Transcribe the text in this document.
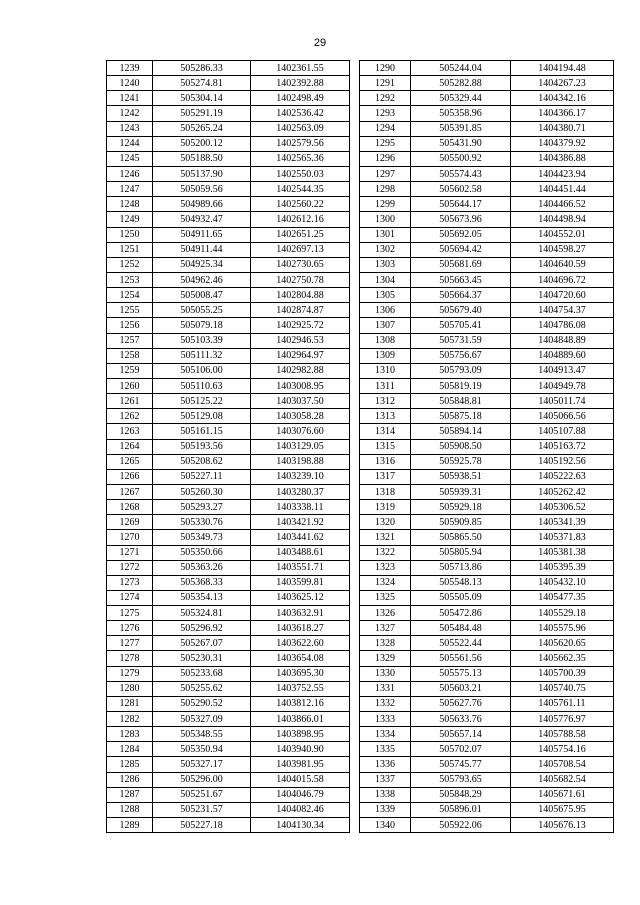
29
1239	505286.33	1402361.55
1240	505274.81	1402392.88
1241	505304.14	1402498.49
1242	505291.19	1402536.42
1243	505265.24	1402563.09
1244	505200.12	1402579.56
1245	505188.50	1402565.36
1246	505137.90	1402550.03
1247	505059.56	1402544.35
1248	504989.66	1402560.22
1249	504932.47	1402612.16
1250	504911.65	1402651.25
1251	504911.44	1402697.13
1252	504925.34	1402730.65
1253	504962.46	1402750.78
1254	505008.47	1402804.88
1255	505055.25	1402874.87
1256	505079.18	1402925.72
1257	505103.39	1402946.53
1258	505111.32	1402964.97
1259	505106.00	1402982.88
1260	505110.63	1403008.95
1261	505125.22	1403037.50
1262	505129.08	1403058.28
1263	505161.15	1403076.60
1264	505193.56	1403129.05
1265	505208.62	1403198.88
1266	505227.11	1403239.10
1267	505260.30	1403280.37
1268	505293.27	1403338.11
1269	505330.76	1403421.92
1270	505349.73	1403441.62
1271	505350.66	1403488.61
1272	505363.26	1403551.71
1273	505368.33	1403599.81
1274	505354.13	1403625.12
1275	505324.81	1403632.91
1276	505296.92	1403618.27
1277	505267.07	1403622.60
1278	505230.31	1403654.08
1279	505233.68	1403695.30
1280	505255.62	1403752.55
1281	505290.52	1403812.16
1282	505327.09	1403866.01
1283	505348.55	1403898.95
1284	505350.94	1403940.90
1285	505327.17	1403981.95
1286	505296.00	1404015.58
1287	505251.67	1404046.79
1288	505231.57	1404082.46
1289	505227.18	1404130.34
1290	505244.04	1404194.48
1291	505282.88	1404267.23
1292	505329.44	1404342.16
1293	505358.96	1404366.17
1294	505391.85	1404380.71
1295	505431.90	1404379.92
1296	505500.92	1404386.88
1297	505574.43	1404423.94
1298	505602.58	1404451.44
1299	505644.17	1404466.52
1300	505673.96	1404498.94
1301	505692.05	1404552.01
1302	505694.42	1404598.27
1303	505681.69	1404640.59
1304	505663.45	1404696.72
1305	505664.37	1404720.60
1306	505679.40	1404754.37
1307	505705.41	1404786.08
1308	505731.59	1404848.89
1309	505756.67	1404889.60
1310	505793.09	1404913.47
1311	505819.19	1404949.78
1312	505848.81	1405011.74
1313	505875.18	1405066.56
1314	505894.14	1405107.88
1315	505908.50	1405163.72
1316	505925.78	1405192.56
1317	505938.51	1405222.63
1318	505939.31	1405262.42
1319	505929.18	1405306.52
1320	505909.85	1405341.39
1321	505865.50	1405371.83
1322	505805.94	1405381.38
1323	505713.86	1405395.39
1324	505548.13	1405432.10
1325	505505.09	1405477.35
1326	505472.86	1405529.18
1327	505484.48	1405575.96
1328	505522.44	1405620.65
1329	505561.56	1405662.35
1330	505575.13	1405700.39
1331	505603.21	1405740.75
1332	505627.76	1405761.11
1333	505633.76	1405776.97
1334	505657.14	1405788.58
1335	505702.07	1405754.16
1336	505745.77	1405708.54
1337	505793.65	1405682.54
1338	505848.29	1405671.61
1339	505896.01	1405675.95
1340	505922.06	1405676.13
